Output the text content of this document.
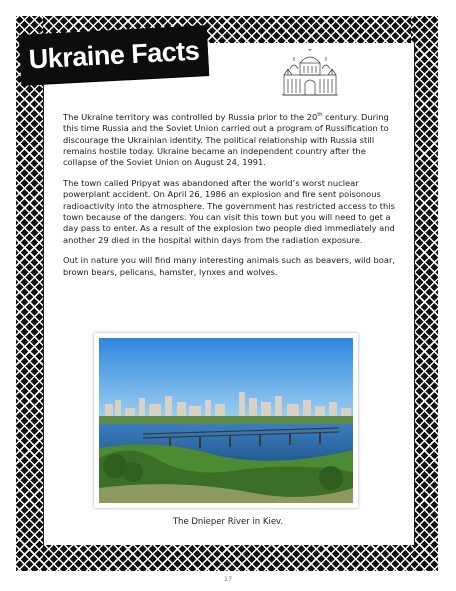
Ukraine Facts

The Ukraine territory was controlled by Russia prior to the 20th century. During this time Russia and the Soviet Union carried out a program of Russification to discourage the Ukrainian identity. The political relationship with Russia still remains hostile today. Ukraine became an independent country after the collapse of the Soviet Union on August 24, 1991.

The town called Pripyat was abandoned after the world’s worst nuclear powerplant accident. On April 26, 1986 an explosion and fire sent poisonous radioactivity into the atmosphere. The government has restricted access to this town because of the dangers. You can visit this town but you will need to get a day pass to enter. As a result of the explosion two people died immediately and another 29 died in the hospital within days from the radiation exposure.

Out in nature you will find many interesting animals such as beavers, wild boar, brown bears, pelicans, hamster, lynxes and wolves.

The Dnieper River in Kiev.
17
